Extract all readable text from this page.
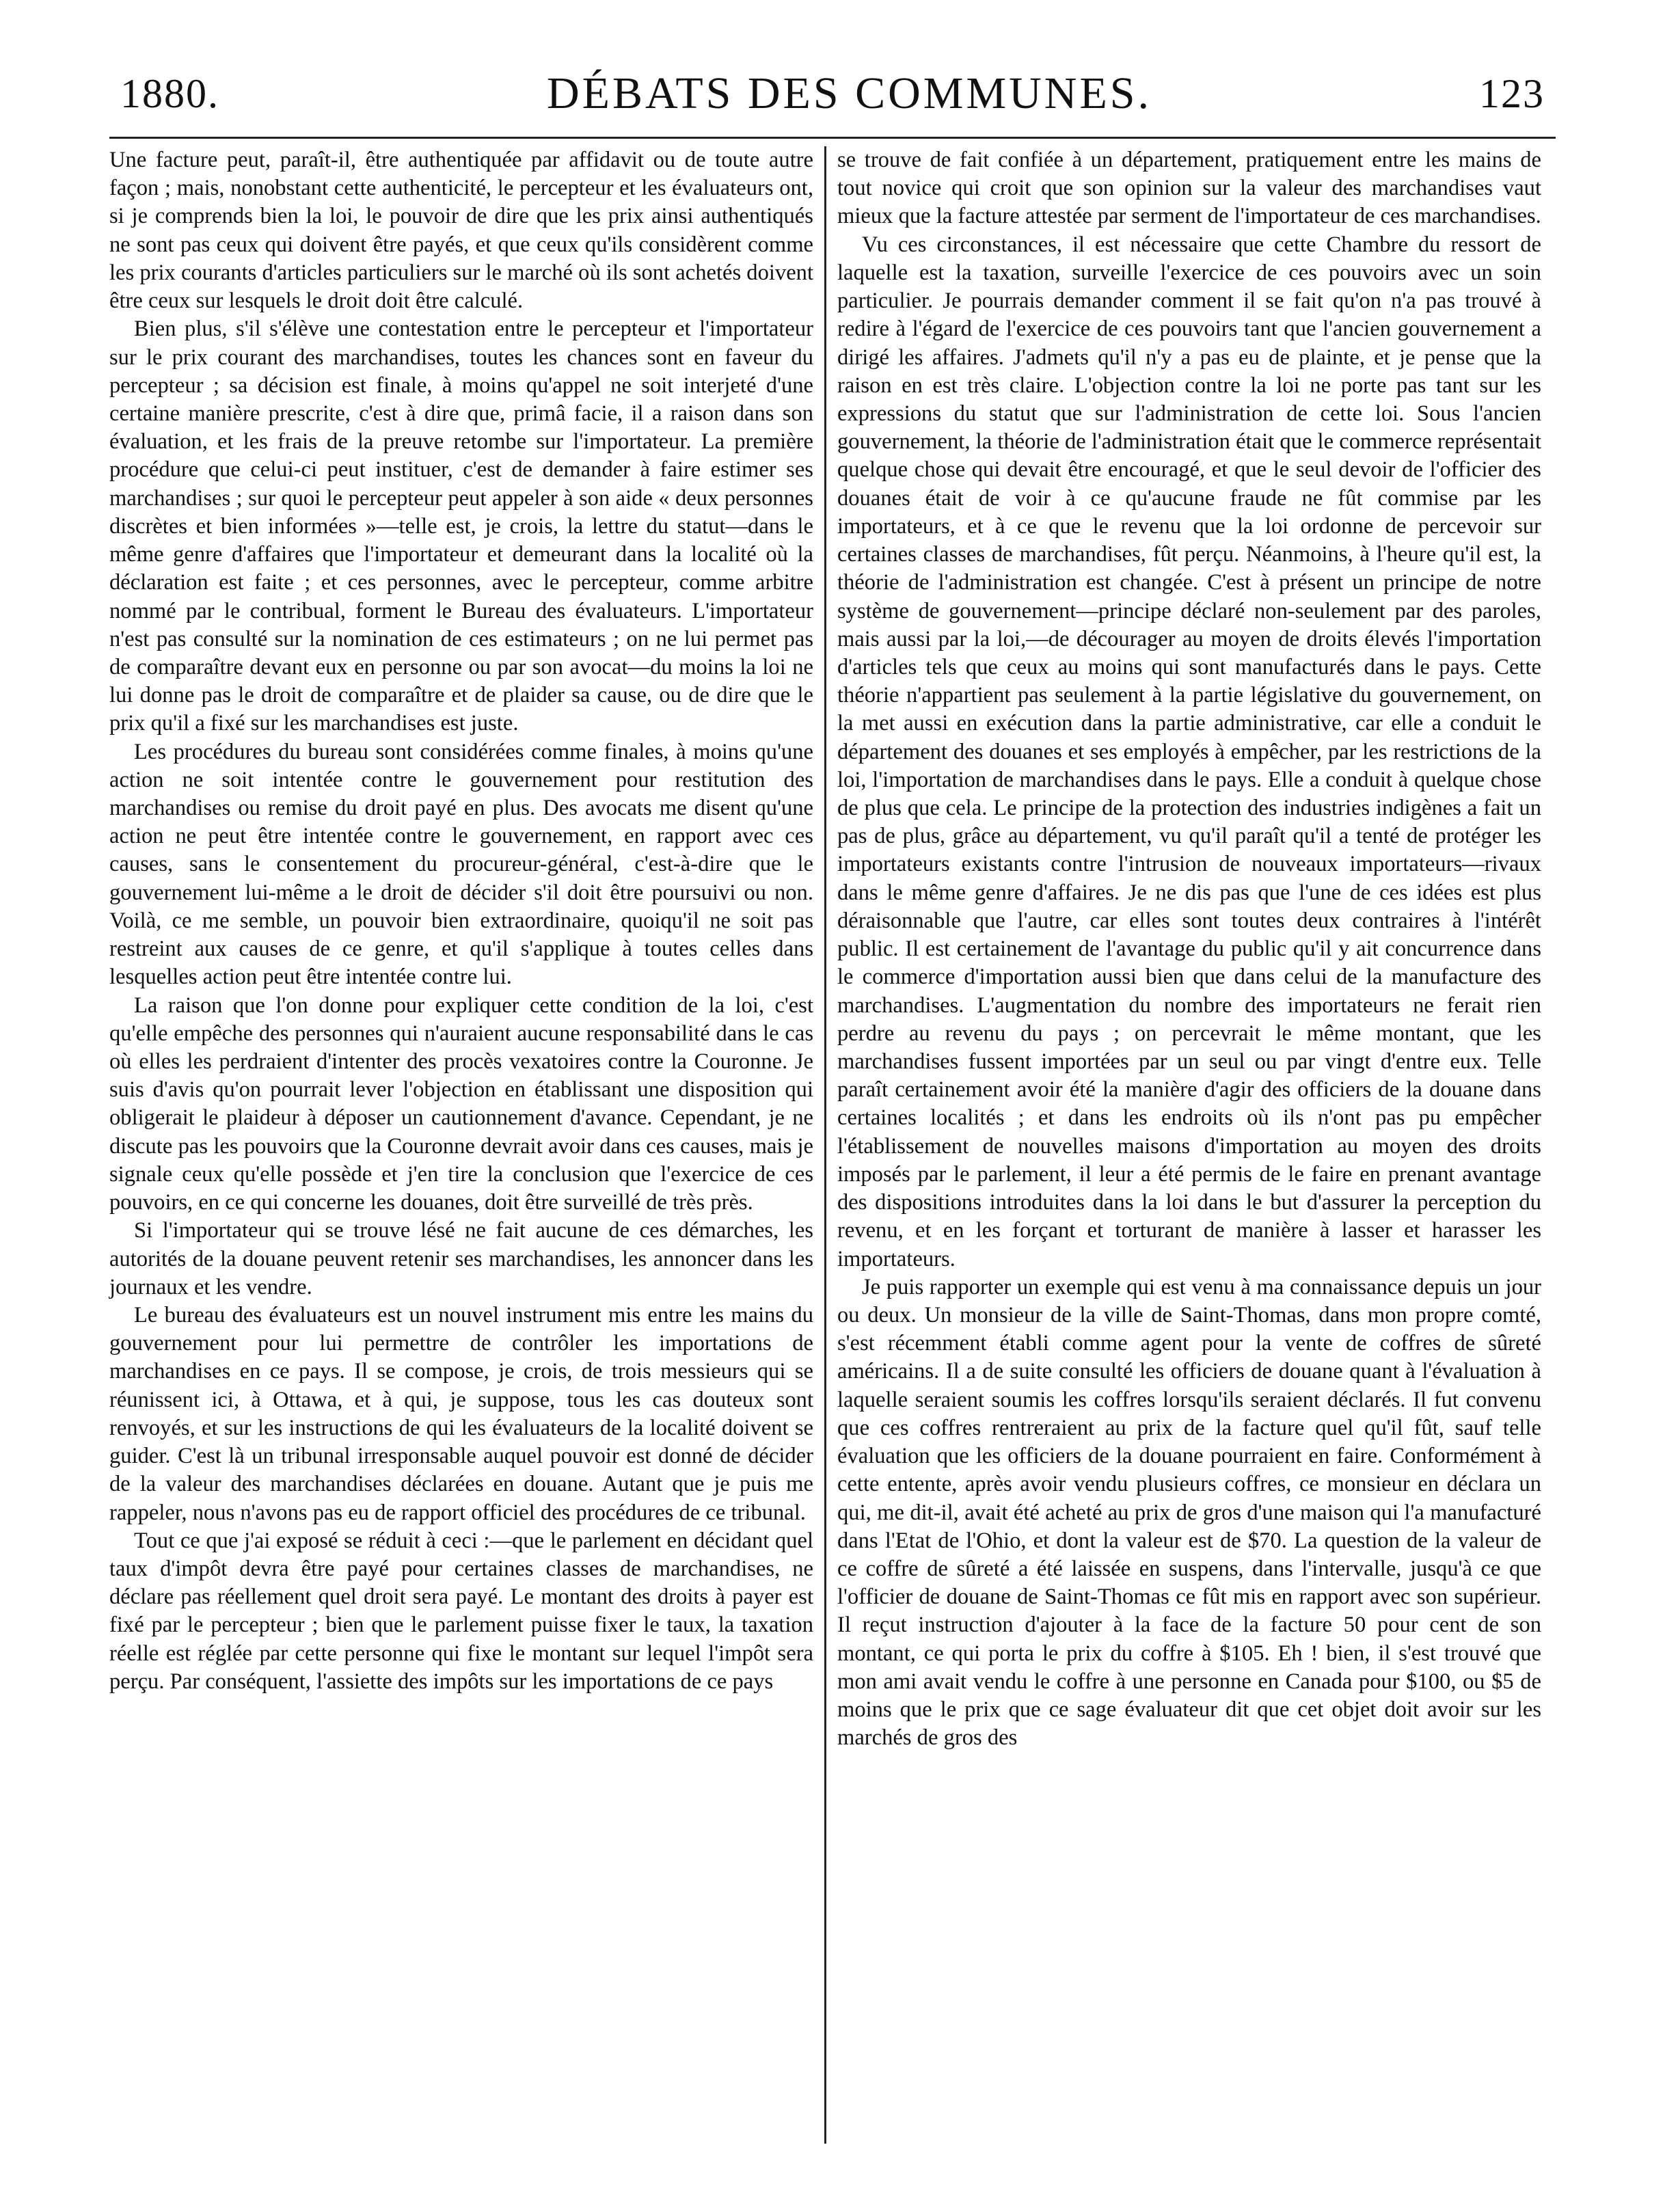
1880.	DÉBATS DES COMMUNES.	123

Une facture peut, paraît-il, être authentiquée par affidavit ou de toute autre façon ; mais, nonobstant cette authenticité, le percepteur et les évaluateurs ont, si je comprends bien la loi, le pouvoir de dire que les prix ainsi authentiqués ne sont pas ceux qui doivent être payés, et que ceux qu'ils considèrent comme les prix courants d'articles particuliers sur le marché où ils sont achetés doivent être ceux sur lesquels le droit doit être calculé.

Bien plus, s'il s'élève une contestation entre le percepteur et l'importateur sur le prix courant des marchandises, toutes les chances sont en faveur du percepteur ; sa décision est finale, à moins qu'appel ne soit interjeté d'une certaine manière prescrite, c'est à dire que, primâ facie, il a raison dans son évaluation, et les frais de la preuve retombe sur l'importateur. La première procédure que celui-ci peut instituer, c'est de demander à faire estimer ses marchandises ; sur quoi le percepteur peut appeler à son aide « deux personnes discrètes et bien informées »—telle est, je crois, la lettre du statut—dans le même genre d'affaires que l'importateur et demeurant dans la localité où la déclaration est faite ; et ces personnes, avec le percepteur, comme arbitre nommé par le contribual, forment le Bureau des évaluateurs. L'importateur n'est pas consulté sur la nomination de ces estimateurs ; on ne lui permet pas de comparaître devant eux en personne ou par son avocat—du moins la loi ne lui donne pas le droit de comparaître et de plaider sa cause, ou de dire que le prix qu'il a fixé sur les marchandises est juste.

Les procédures du bureau sont considérées comme finales, à moins qu'une action ne soit intentée contre le gouvernement pour restitution des marchandises ou remise du droit payé en plus. Des avocats me disent qu'une action ne peut être intentée contre le gouvernement, en rapport avec ces causes, sans le consentement du procureur-général, c'est-à-dire que le gouvernement lui-même a le droit de décider s'il doit être poursuivi ou non. Voilà, ce me semble, un pouvoir bien extraordinaire, quoiqu'il ne soit pas restreint aux causes de ce genre, et qu'il s'applique à toutes celles dans lesquelles action peut être intentée contre lui.

La raison que l'on donne pour expliquer cette condition de la loi, c'est qu'elle empêche des personnes qui n'auraient aucune responsabilité dans le cas où elles les perdraient d'intenter des procès vexatoires contre la Couronne. Je suis d'avis qu'on pourrait lever l'objection en établissant une disposition qui obligerait le plaideur à déposer un cautionnement d'avance. Cependant, je ne discute pas les pouvoirs que la Couronne devrait avoir dans ces causes, mais je signale ceux qu'elle possède et j'en tire la conclusion que l'exercice de ces pouvoirs, en ce qui concerne les douanes, doit être surveillé de très près.

Si l'importateur qui se trouve lésé ne fait aucune de ces démarches, les autorités de la douane peuvent retenir ses marchandises, les annoncer dans les journaux et les vendre.

Le bureau des évaluateurs est un nouvel instrument mis entre les mains du gouvernement pour lui permettre de contrôler les importations de marchandises en ce pays. Il se compose, je crois, de trois messieurs qui se réunissent ici, à Ottawa, et à qui, je suppose, tous les cas douteux sont renvoyés, et sur les instructions de qui les évaluateurs de la localité doivent se guider. C'est là un tribunal irresponsable auquel pouvoir est donné de décider de la valeur des marchandises déclarées en douane. Autant que je puis me rappeler, nous n'avons pas eu de rapport officiel des procédures de ce tribunal.

Tout ce que j'ai exposé se réduit à ceci :—que le parlement en décidant quel taux d'impôt devra être payé pour certaines classes de marchandises, ne déclare pas réellement quel droit sera payé. Le montant des droits à payer est fixé par le percepteur ; bien que le parlement puisse fixer le taux, la taxation réelle est réglée par cette personne qui fixe le montant sur lequel l'impôt sera perçu. Par conséquent, l'assiette des impôts sur les importations de ce pays

se trouve de fait confiée à un département, pratiquement entre les mains de tout novice qui croit que son opinion sur la valeur des marchandises vaut mieux que la facture attestée par serment de l'importateur de ces marchandises.

Vu ces circonstances, il est nécessaire que cette Chambre du ressort de laquelle est la taxation, surveille l'exercice de ces pouvoirs avec un soin particulier. Je pourrais demander comment il se fait qu'on n'a pas trouvé à redire à l'égard de l'exercice de ces pouvoirs tant que l'ancien gouvernement a dirigé les affaires. J'admets qu'il n'y a pas eu de plainte, et je pense que la raison en est très claire. L'objection contre la loi ne porte pas tant sur les expressions du statut que sur l'administration de cette loi. Sous l'ancien gouvernement, la théorie de l'administration était que le commerce représentait quelque chose qui devait être encouragé, et que le seul devoir de l'officier des douanes était de voir à ce qu'aucune fraude ne fût commise par les importateurs, et à ce que le revenu que la loi ordonne de percevoir sur certaines classes de marchandises, fût perçu. Néanmoins, à l'heure qu'il est, la théorie de l'administration est changée. C'est à présent un principe de notre système de gouvernement—principe déclaré non-seulement par des paroles, mais aussi par la loi,—de décourager au moyen de droits élevés l'importation d'articles tels que ceux au moins qui sont manufacturés dans le pays. Cette théorie n'appartient pas seulement à la partie législative du gouvernement, on la met aussi en exécution dans la partie administrative, car elle a conduit le département des douanes et ses employés à empêcher, par les restrictions de la loi, l'importation de marchandises dans le pays. Elle a conduit à quelque chose de plus que cela. Le principe de la protection des industries indigènes a fait un pas de plus, grâce au département, vu qu'il paraît qu'il a tenté de protéger les importateurs existants contre l'intrusion de nouveaux importateurs—rivaux dans le même genre d'affaires. Je ne dis pas que l'une de ces idées est plus déraisonnable que l'autre, car elles sont toutes deux contraires à l'intérêt public. Il est certainement de l'avantage du public qu'il y ait concurrence dans le commerce d'importation aussi bien que dans celui de la manufacture des marchandises. L'augmentation du nombre des importateurs ne ferait rien perdre au revenu du pays ; on percevrait le même montant, que les marchandises fussent importées par un seul ou par vingt d'entre eux. Telle paraît certainement avoir été la manière d'agir des officiers de la douane dans certaines localités ; et dans les endroits où ils n'ont pas pu empêcher l'établissement de nouvelles maisons d'importation au moyen des droits imposés par le parlement, il leur a été permis de le faire en prenant avantage des dispositions introduites dans la loi dans le but d'assurer la perception du revenu, et en les forçant et torturant de manière à lasser et harasser les importateurs.

Je puis rapporter un exemple qui est venu à ma connaissance depuis un jour ou deux. Un monsieur de la ville de Saint-Thomas, dans mon propre comté, s'est récemment établi comme agent pour la vente de coffres de sûreté américains. Il a de suite consulté les officiers de douane quant à l'évaluation à laquelle seraient soumis les coffres lorsqu'ils seraient déclarés. Il fut convenu que ces coffres rentreraient au prix de la facture quel qu'il fût, sauf telle évaluation que les officiers de la douane pourraient en faire. Conformément à cette entente, après avoir vendu plusieurs coffres, ce monsieur en déclara un qui, me dit-il, avait été acheté au prix de gros d'une maison qui l'a manufacturé dans l'Etat de l'Ohio, et dont la valeur est de $70. La question de la valeur de ce coffre de sûreté a été laissée en suspens, dans l'intervalle, jusqu'à ce que l'officier de douane de Saint-Thomas ce fût mis en rapport avec son supérieur. Il reçut instruction d'ajouter à la face de la facture 50 pour cent de son montant, ce qui porta le prix du coffre à $105. Eh ! bien, il s'est trouvé que mon ami avait vendu le coffre à une personne en Canada pour $100, ou $5 de moins que le prix que ce sage évaluateur dit que cet objet doit avoir sur les marchés de gros des
